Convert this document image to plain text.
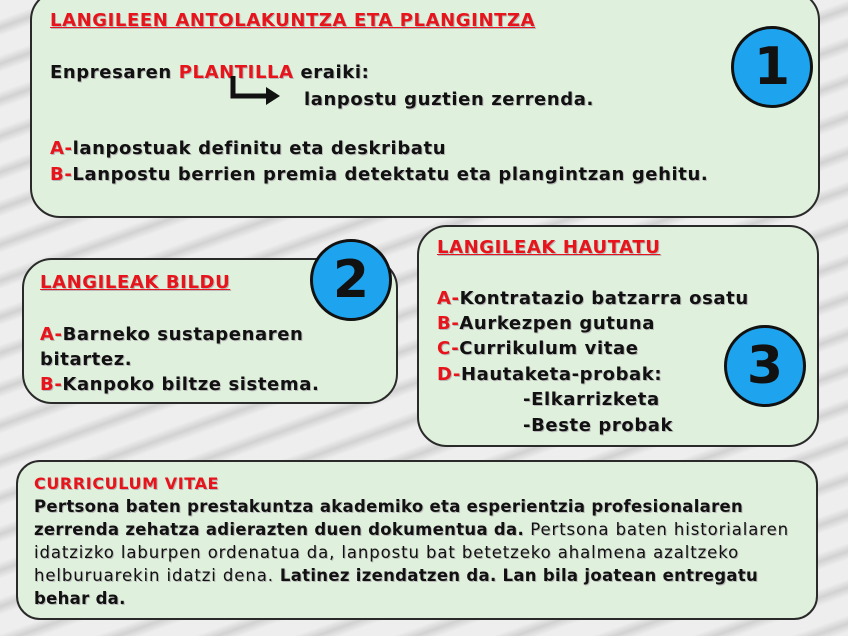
LANGILEEN ANTOLAKUNTZA ETA PLANGINTZA
Enpresaren PLANTILLA eraiki:
lanpostu guztien zerrenda.
A-lanpostuak definitu eta deskribatu
B-Lanpostu berrien premia detektatu eta plangintzan gehitu.
1
LANGILEAK BILDU
A-Barneko sustapenaren
bitartez.
B-Kanpoko biltze sistema.
2
LANGILEAK HAUTATU
A-Kontratazio batzarra osatu
B-Aurkezpen gutuna
C-Currikulum vitae
D-Hautaketa-probak:
-Elkarrizketa
-Beste probak
3
CURRICULUM VITAE
Pertsona baten prestakuntza akademiko eta esperientzia profesionalaren zerrenda zehatza adierazten duen dokumentua da. Pertsona baten historialaren idatzizko laburpen ordenatua da, lanpostu bat betetzeko ahalmena azaltzeko helburuarekin idatzi dena. Latinez izendatzen da. Lan bila joatean entregatu behar da.
